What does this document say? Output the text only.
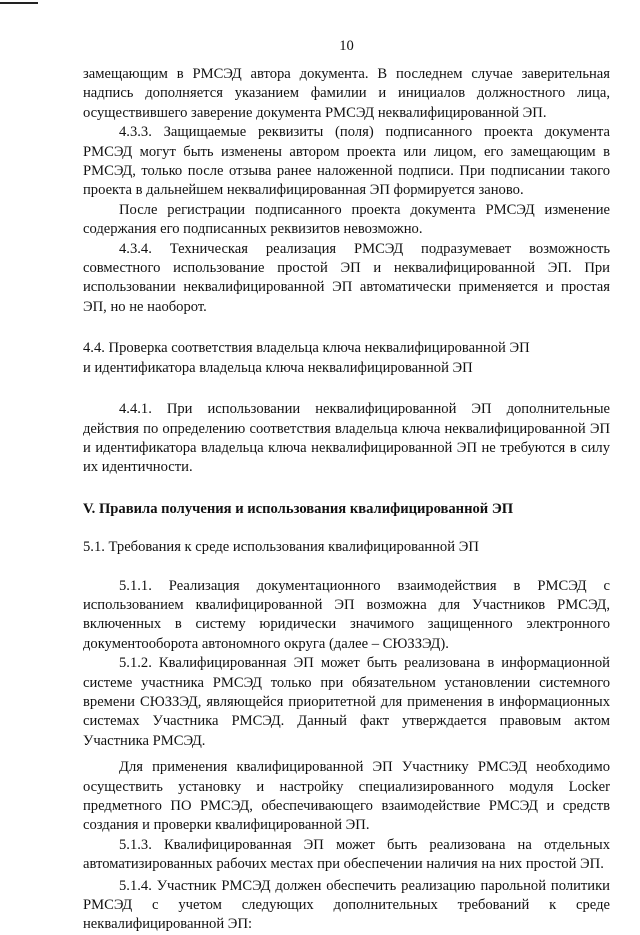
10

замещающим в РМСЭД автора документа. В последнем случае заверительная надпись дополняется указанием фамилии и инициалов должностного лица, осуществившего заверение документа РМСЭД неквалифицированной ЭП.

4.3.3. Защищаемые реквизиты (поля) подписанного проекта документа РМСЭД могут быть изменены автором проекта или лицом, его замещающим в РМСЭД, только после отзыва ранее наложенной подписи. При подписании такого проекта в дальнейшем неквалифицированная ЭП формируется заново.

После регистрации подписанного проекта документа РМСЭД изменение содержания его подписанных реквизитов невозможно.

4.3.4. Техническая реализация РМСЭД подразумевает возможность совместного использование простой ЭП и неквалифицированной ЭП. При использовании неквалифицированной ЭП автоматически применяется и простая ЭП, но не наоборот.

4.4. Проверка соответствия владельца ключа неквалифицированной ЭП

и идентификатора владельца ключа неквалифицированной ЭП

4.4.1. При использовании неквалифицированной ЭП дополнительные действия по определению соответствия владельца ключа неквалифицированной ЭП и идентификатора владельца ключа неквалифицированной ЭП не требуются в силу их идентичности.

V. Правила получения и использования квалифицированной ЭП

5.1. Требования к среде использования квалифицированной ЭП

5.1.1. Реализация документационного взаимодействия в РМСЭД с использованием квалифицированной ЭП возможна для Участников РМСЭД, включенных в систему юридически значимого защищенного электронного документооборота автономного округа (далее – СЮЗЗЭД).

5.1.2. Квалифицированная ЭП может быть реализована в информационной системе участника РМСЭД только при обязательном установлении системного времени СЮЗЗЭД, являющейся приоритетной для применения в информационных системах Участника РМСЭД. Данный факт утверждается правовым актом Участника РМСЭД.

Для применения квалифицированной ЭП Участнику РМСЭД необходимо осуществить установку и настройку специализированного модуля Locker предметного ПО РМСЭД, обеспечивающего взаимодействие РМСЭД и средств создания и проверки квалифицированной ЭП.

5.1.3. Квалифицированная ЭП может быть реализована на отдельных автоматизированных рабочих местах при обеспечении наличия на них простой ЭП.

5.1.4. Участник РМСЭД должен обеспечить реализацию парольной политики РМСЭД с учетом следующих дополнительных требований к среде неквалифицированной ЭП:
